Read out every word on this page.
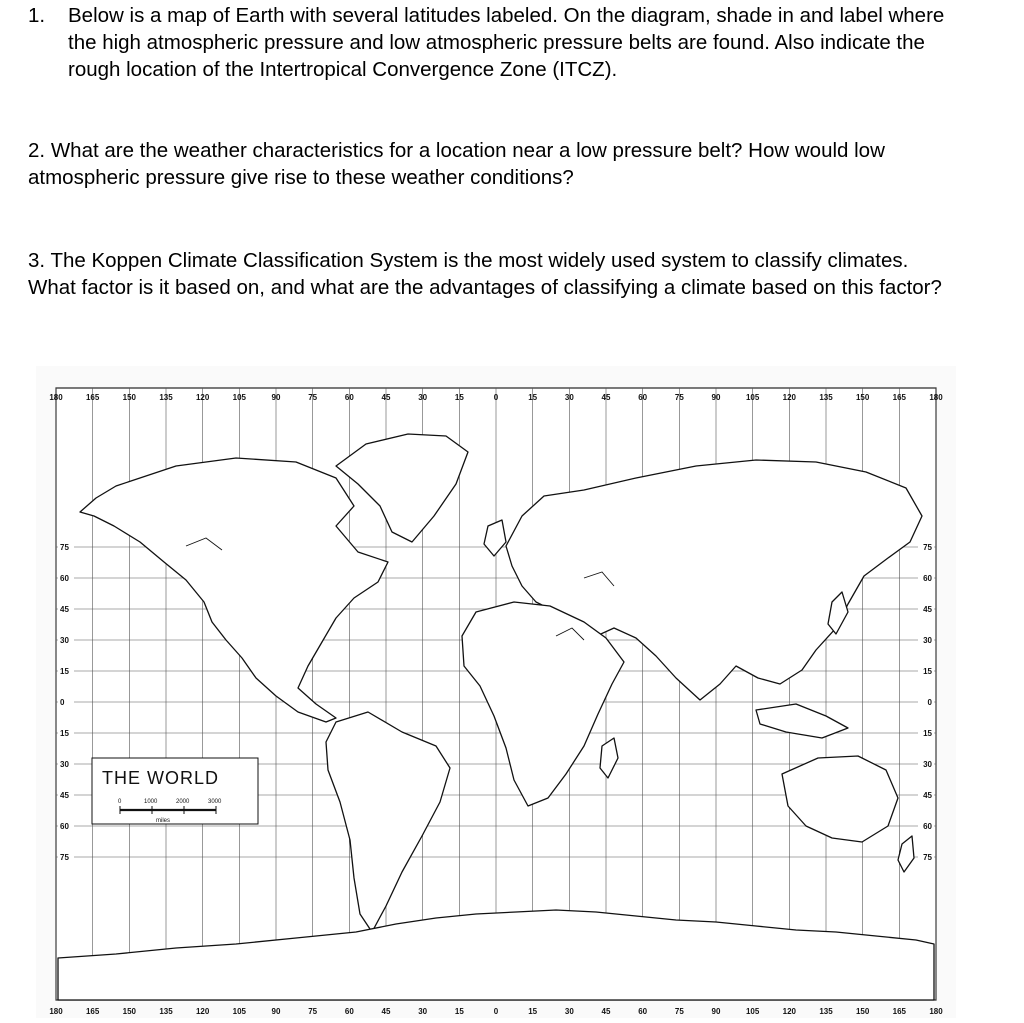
1.	Below is a map of Earth with several latitudes labeled. On the diagram, shade in and label where the high atmospheric pressure and low atmospheric pressure belts are found. Also indicate the rough location of the Intertropical Convergence Zone (ITCZ).
2. What are the weather characteristics for a location near a low pressure belt? How would low atmospheric pressure give rise to these weather conditions?
3. The Koppen Climate Classification System is the most widely used system to classify climates. What factor is it based on, and what are the advantages of classifying a climate based on this factor?
THE WORLD
0	1000	2000	3000
miles
180
180
165
165
150
150
135
135
120
120
105
105
90
90
75
75
60
60
45
45
30
30
15
15
0
0
15
15
30
30
45
45
60
60
75
75
90
90
105
105
120
120
135
135
150
150
165
165
180
180
75	75
60	60
45	45
30	30
15	15
0	0
15	15
30	30
45	45
60	60
75	75
